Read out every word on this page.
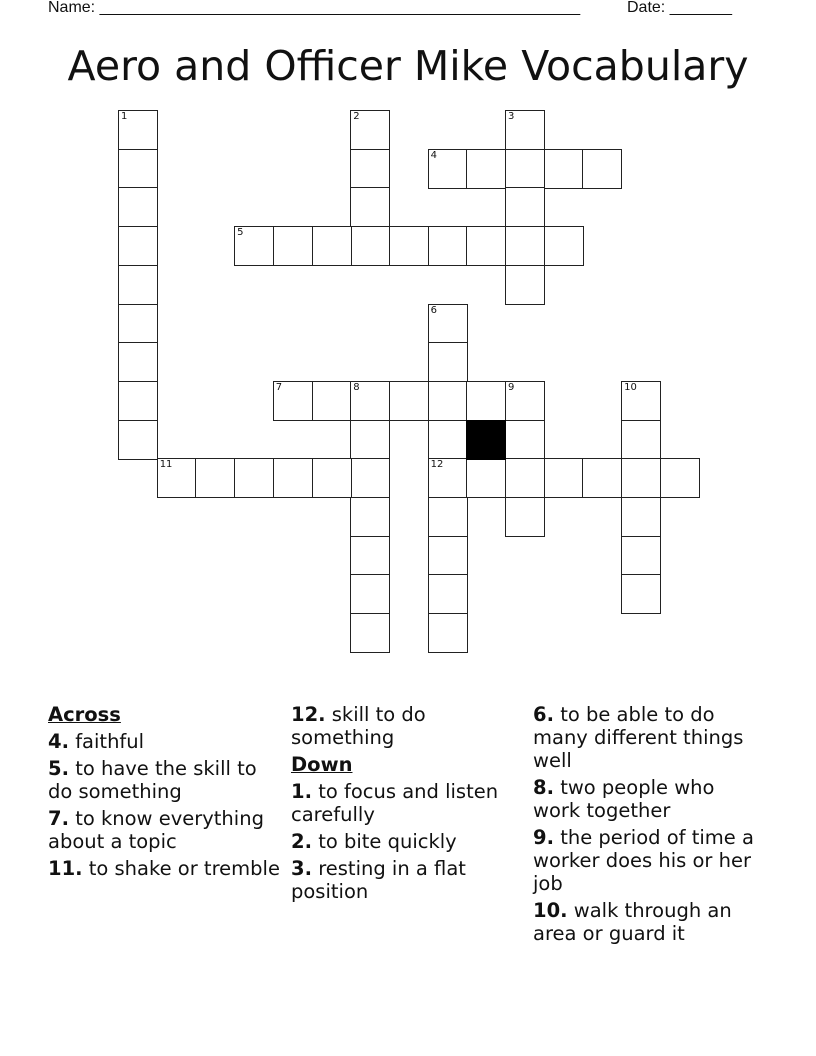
Name: ______________________________________________________	Date: _______
Aero and Officer Mike Vocabulary
1	2	3
4
5
6
7	8	9	10
11	12
Across
4. faithful
5. to have the skill to do something
7. to know everything about a topic
11. to shake or tremble
12. skill to do something
Down
1. to focus and listen carefully
2. to bite quickly
3. resting in a flat position
6. to be able to do many different things well
8. two people who work together
9. the period of time a worker does his or her job
10. walk through an area or guard it
